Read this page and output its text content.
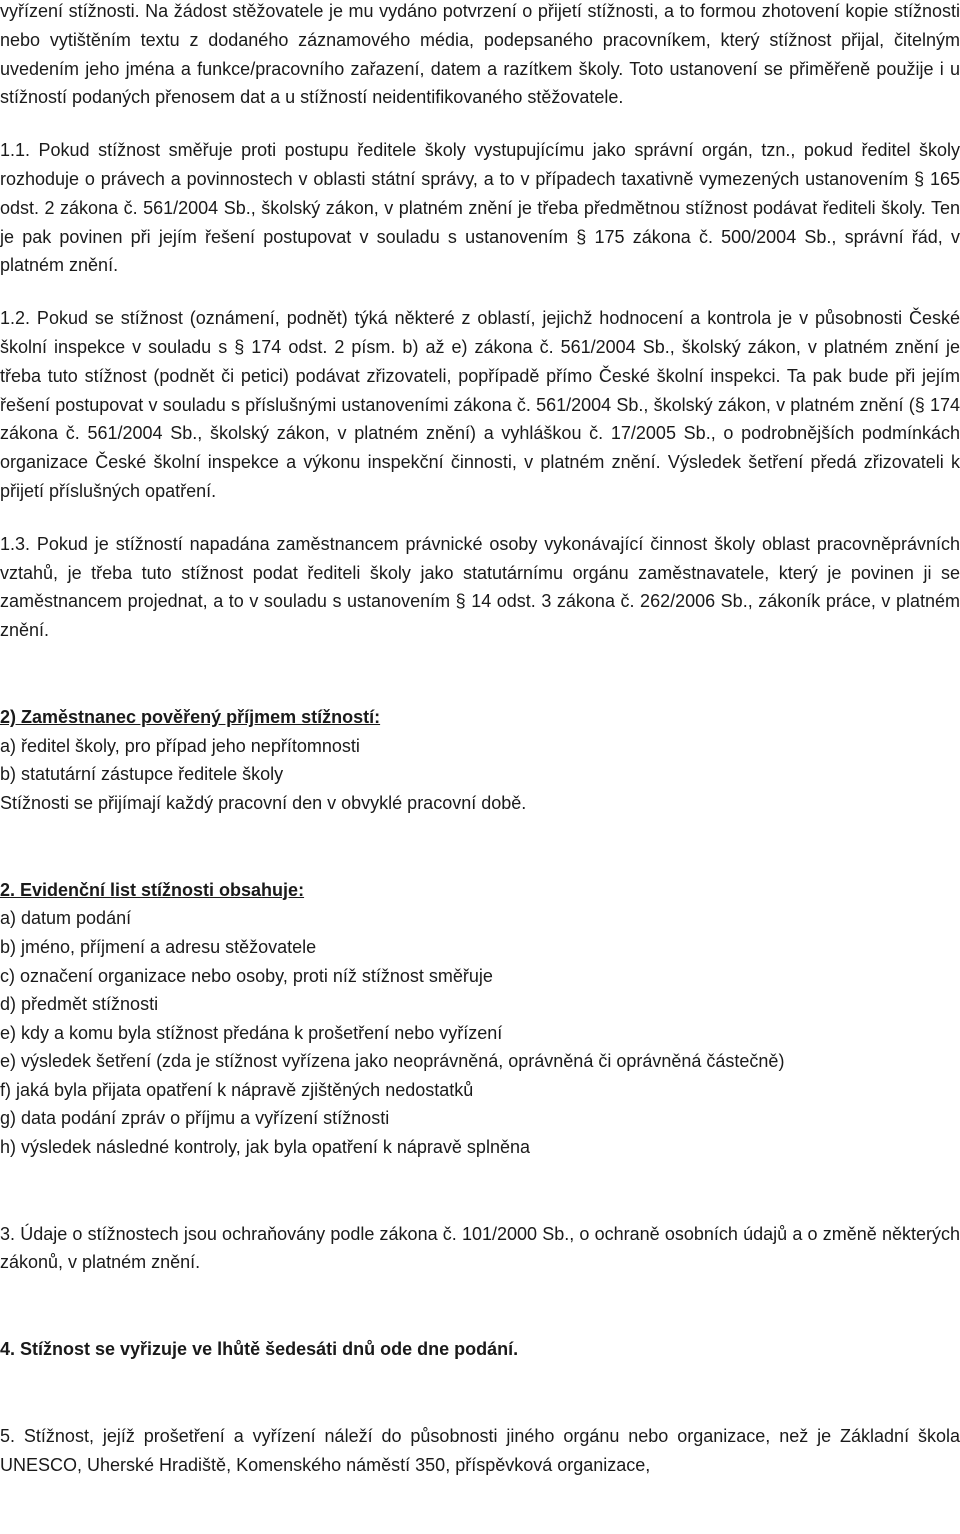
vyřízení stížnosti. Na žádost stěžovatele je mu vydáno potvrzení o přijetí stížnosti, a to formou zhotovení kopie stížnosti nebo vytištěním textu z dodaného záznamového média, podepsaného pracovníkem, který stížnost přijal, čitelným uvedením jeho jména a funkce/pracovního zařazení, datem a razítkem školy. Toto ustanovení se přiměřeně použije i u stížností podaných přenosem dat a u stížností neidentifikovaného stěžovatele.

1.1. Pokud stížnost směřuje proti postupu ředitele školy vystupujícímu jako správní orgán, tzn., pokud ředitel školy rozhoduje o právech a povinnostech v oblasti státní správy, a to v případech taxativně vymezených ustanovením § 165 odst. 2 zákona č. 561/2004 Sb., školský zákon, v platném znění je třeba předmětnou stížnost podávat řediteli školy. Ten je pak povinen při jejím řešení postupovat v souladu s ustanovením § 175 zákona č. 500/2004 Sb., správní řád, v platném znění.

1.2. Pokud se stížnost (oznámení, podnět) týká některé z oblastí, jejichž hodnocení a kontrola je v působnosti České školní inspekce v souladu s § 174 odst. 2 písm. b) až e) zákona č. 561/2004 Sb., školský zákon, v platném znění je třeba tuto stížnost (podnět či petici) podávat zřizovateli, popřípadě přímo České školní inspekci. Ta pak bude při jejím řešení postupovat v souladu s příslušnými ustanoveními zákona č. 561/2004 Sb., školský zákon, v platném znění (§ 174 zákona č. 561/2004 Sb., školský zákon, v platném znění) a vyhláškou č. 17/2005 Sb., o podrobnějších podmínkách organizace České školní inspekce a výkonu inspekční činnosti, v platném znění. Výsledek šetření předá zřizovateli k přijetí příslušných opatření.

1.3. Pokud je stížností napadána zaměstnancem právnické osoby vykonávající činnost školy oblast pracovněprávních vztahů, je třeba tuto stížnost podat řediteli školy jako statutárnímu orgánu zaměstnavatele, který je povinen ji se zaměstnancem projednat, a to v souladu s ustanovením § 14 odst. 3 zákona č. 262/2006 Sb., zákoník práce, v platném znění.

2) Zaměstnanec pověřený příjmem stížností:

a) ředitel školy, pro případ jeho nepřítomnosti
b) statutární zástupce ředitele školy
Stížnosti se přijímají každý pracovní den v obvyklé pracovní době.

2. Evidenční list stížnosti obsahuje:

a) datum podání
b) jméno, příjmení a adresu stěžovatele
c) označení organizace nebo osoby, proti níž stížnost směřuje
d) předmět stížnosti
e) kdy a komu byla stížnost předána k prošetření nebo vyřízení
e) výsledek šetření (zda je stížnost vyřízena jako neoprávněná, oprávněná či oprávněná částečně)
f) jaká byla přijata opatření k nápravě zjištěných nedostatků
g) data podání zpráv o příjmu a vyřízení stížnosti
h) výsledek následné kontroly, jak byla opatření k nápravě splněna

3. Údaje o stížnostech jsou ochraňovány podle zákona č. 101/2000 Sb., o ochraně osobních údajů a o změně některých zákonů, v platném znění.

4. Stížnost se vyřizuje ve lhůtě šedesáti dnů ode dne podání.

5. Stížnost, jejíž prošetření a vyřízení náleží do působnosti jiného orgánu nebo organizace, než je Základní škola UNESCO, Uherské Hradiště, Komenského náměstí 350, příspěvková organizace,
